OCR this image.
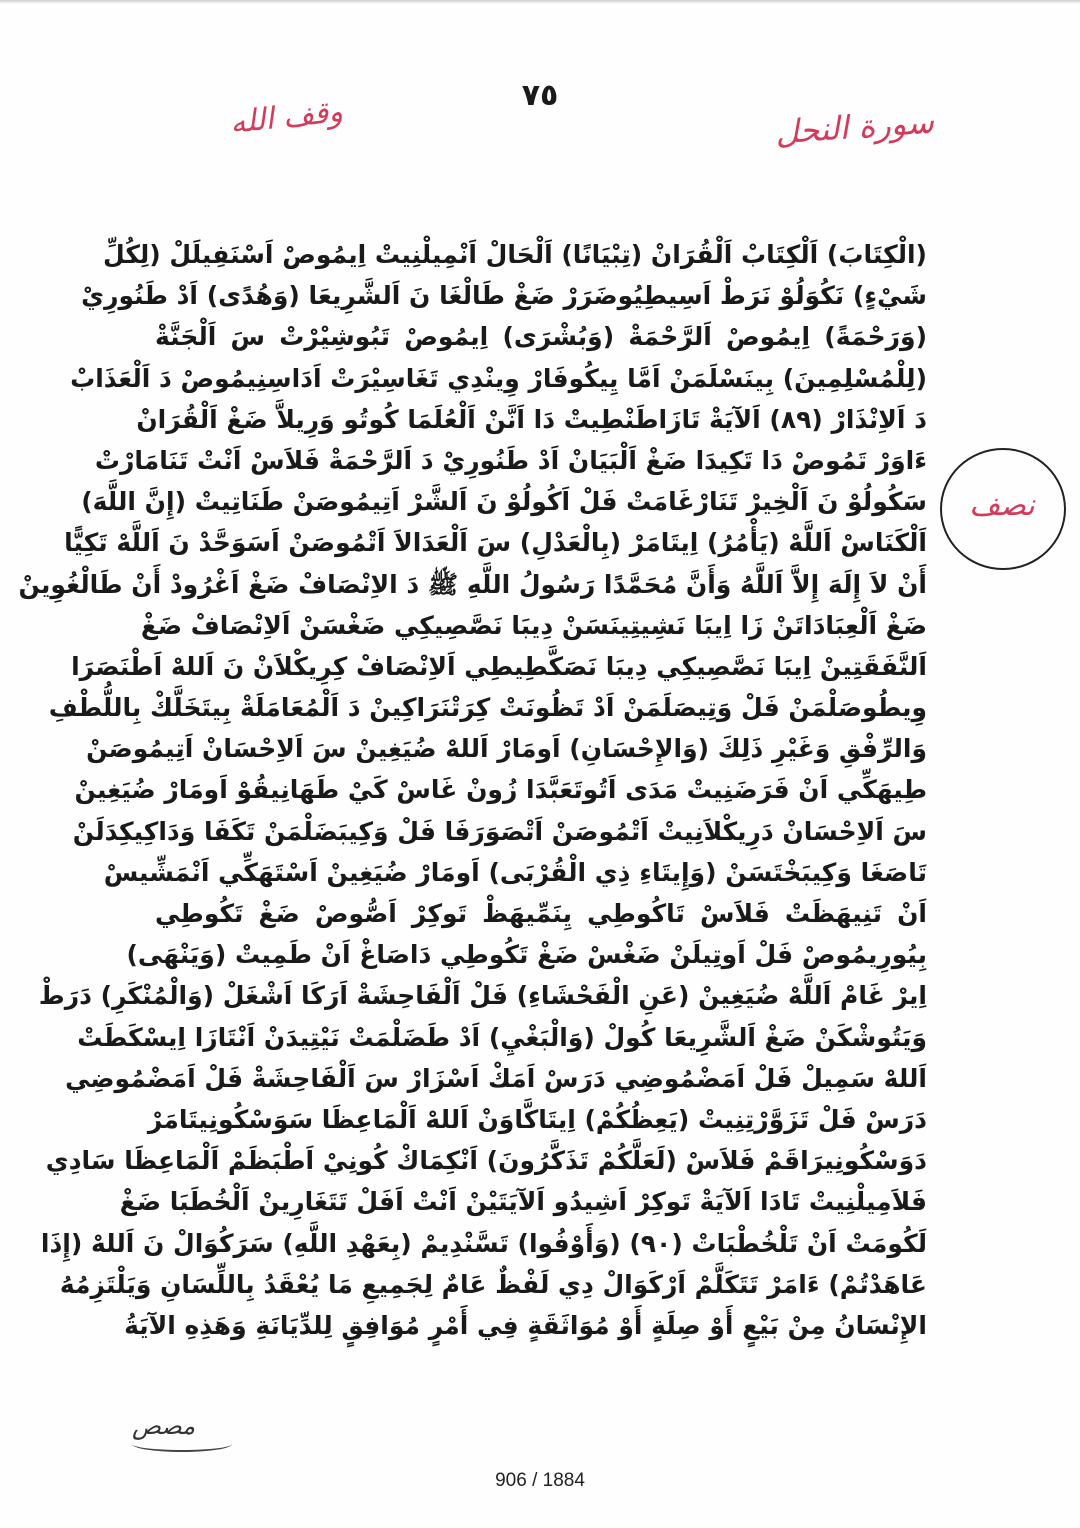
٧٥
سورة النحل
وقف الله
نصف
(الْكِتَابَ) اَلْكِتَابْ اَلْقُرَانْ (تِبْيَانًا) اَلْحَالْ اَنْمِيلْنِيتْ اِيمُوصْ اَسْنَفِيلَلْ (لِكُلِّ
شَيْءٍ) نَكُوَلُوْ نَرَطْ اَسِيطِيُوضَرَرْ ضَغْ طَالْغَا نَ اَلشَّرِيعَا (وَهُدًى) اَدْ طَنُورِيْ
(وَرَحْمَةً) اِيمُوصْ اَلرَّحْمَةْ (وَبُشْرَى) اِيمُوصْ تَبُوشِيْرْتْ سَ اَلْجَنَّةْ
(لِلْمُسْلِمِينَ) بِينَسْلَمَنْ اَمَّا يِيكُوفَارْ وِينْدِي تَغَاسِيْرَتْ اَدَاسِنِيمُوصْ دَ اَلْعَذَابْ
دَ اَلاِنْذَارْ (٨٩) اَلآيَةْ تَازَاطَنْطِيتْ دَا اَنَّنْ اَلْعُلَمَا كُوتُو وَرِيلاَّ ضَغْ اَلْقُرَانْ
ءَاوَرْ تَمُوصْ دَا تَكِيدَا ضَغْ اَلْبَيَانْ اَدْ طَنُورِيْ دَ اَلرَّحْمَةْ فَلاَسْ اَنْتْ تَنَامَارْتْ
سَكُولُوْ نَ اَلْخِيرْ تَنَارْغَامَتْ فَلْ اَكُولُوْ نَ اَلشَّرْ اَتِيمُوصَنْ طَنَاتِيتْ (إِنَّ اللَّهَ)
اَلْكَنَاسْ اَللَّهْ (يَأْمُرُ) اِيتَامَرْ (بِالْعَدْلِ) سَ اَلْعَدَالاَ اَتْمُوصَنْ اَسَوَحَّدْ نَ اَللَّهْ تَكِيًّا
أَنْ لاَ إِلَهَ إِلاَّ اَللَّهُ وَأَنَّ مُحَمَّدًا رَسُولُ اللَّهِ ﷺ دَ الاِنْصَافْ ضَغْ اَغْرُودْ أَنْ طَالْغُوِينْ
ضَغْ اَلْعِبَادَاتَنْ زَا اِيبَا نَشِيتِينَسَنْ دِيبَا نَصَّصِيكِي ضَغْسَنْ اَلاِنْصَافْ ضَغْ
اَلنَّفَقَتِينْ اِيبَا نَصَّصِيكِي دِيبَا نَصَكَّطِيطِي اَلاِنْصَافْ كِرِيكْلاَنْ نَ اَللهْ اَطْنَصَرَا
وِيطُوصَلْمَنْ فَلْ وَتِيصَلَمَنْ اَدْ تَظُونَتْ كِرَتْنَرَاكِينْ دَ اَلْمُعَامَلَةْ بِيتَخَلَّكْ بِاللُّطْفِ
وَالرِّفْقِ وَغَيْرِ ذَلِكَ (وَالإِحْسَانِ) اَومَارْ اَللهْ ضُيَغِينْ سَ اَلاِحْسَانْ اَتِيمُوصَنْ
طِيهَكِّي اَنْ فَرَضَنِيتْ مَدَى اَتُوتَعَبَّدَا زُونْ غَاسْ كَيْ طَهَانِيقُوْ اَومَارْ ضُيَغِينْ
سَ اَلاِحْسَانْ دَرِيكْلاَنِيتْ اَتْمُوصَنْ اَتْصَوَرَفَا فَلْ وَكِيبَضَلْمَنْ تَكَفَا وَدَاكِيكِدَلَنْ
تَاصَغَا وَكِيبَخْتَسَنْ (وَإِيتَاءِ ذِي الْقُرْبَى) اَومَارْ ضُيَغِينْ اَسْتَهَكِّي اَنْمَشِّيسْ
اَنْ تَنِيهَظَتْ فَلاَسْ تَاكُوطِي يِنَمِّيهَظْ تَوكِرْ اَصُّوصْ ضَغْ تَكُوطِي
بِيُورِيمُوصْ فَلْ اَوتِيلَنْ ضَغْسْ ضَغْ تَكُوطِي دَاصَاغْ اَنْ طَمِيتْ (وَيَنْهَى)
اِيرْ غَامْ اَللَّهْ ضُيَغِينْ (عَنِ الْفَحْشَاءِ) فَلْ اَلْفَاحِشَةْ اَرَكَا اَشْغَلْ (وَالْمُنْكَرِ) دَرَطْ
وَيَتُوشْكَنْ ضَغْ اَلشَّرِيعَا كُولْ (وَالْبَغْيِ) اَدْ طَضَلْمَتْ نَيْتِيدَنْ اَنْتَازَا اِيسْكَطَتْ
اَللهْ سَمِيلْ فَلْ اَمَضْمُوضِي دَرَسْ اَمَكْ اَسْزَارْ سَ اَلْفَاحِشَةْ فَلْ اَمَضْمُوضِي
دَرَسْ فَلْ تَزَوَّرْتِنِيتْ (يَعِظُكُمْ) اِيتَاكَّاوَنْ اَللهْ اَلْمَاعِظَا سَوَسْكُونِيتَامَرْ
دَوَسْكُونِيرَاقَمْ فَلاَسْ (لَعَلَّكُمْ تَذَكَّرُونَ) اَنْكِمَاكْ كُونِيْ اَطْبَظَمْ اَلْمَاعِظَا سَادِي
فَلاَمِيلْنِيتْ تَادَا اَلآيَةْ تَوكِرْ اَشِيدُو اَلآيَتَيْنْ اَنْتْ اَفَلْ تَتَغَارِينْ اَلْخُطَبَا ضَغْ
لَكُومَتْ اَنْ تَلْخُطْبَاتْ (٩٠) (وَأَوْفُوا) تَسَّنْدِيمْ (بِعَهْدِ اللَّهِ) سَرَكُوَالْ نَ اَللهْ (إِذَا
عَاهَدْتُمْ) ءَامَرْ تَتَكَلَّمْ اَرْكَوَالْ دِي لَفْظٌ عَامٌ لِجَمِيعِ مَا يُعْقَدُ بِاللِّسَانِ وَيَلْتَزِمُهُ
الإِنْسَانُ مِنْ بَيْعٍ أَوْ صِلَةٍ أَوْ مُوَاثَقَةٍ فِي أَمْرٍ مُوَافِقٍ لِلدِّيَانَةِ وَهَذِهِ الآيَةُ
مصص
906 / 1884
